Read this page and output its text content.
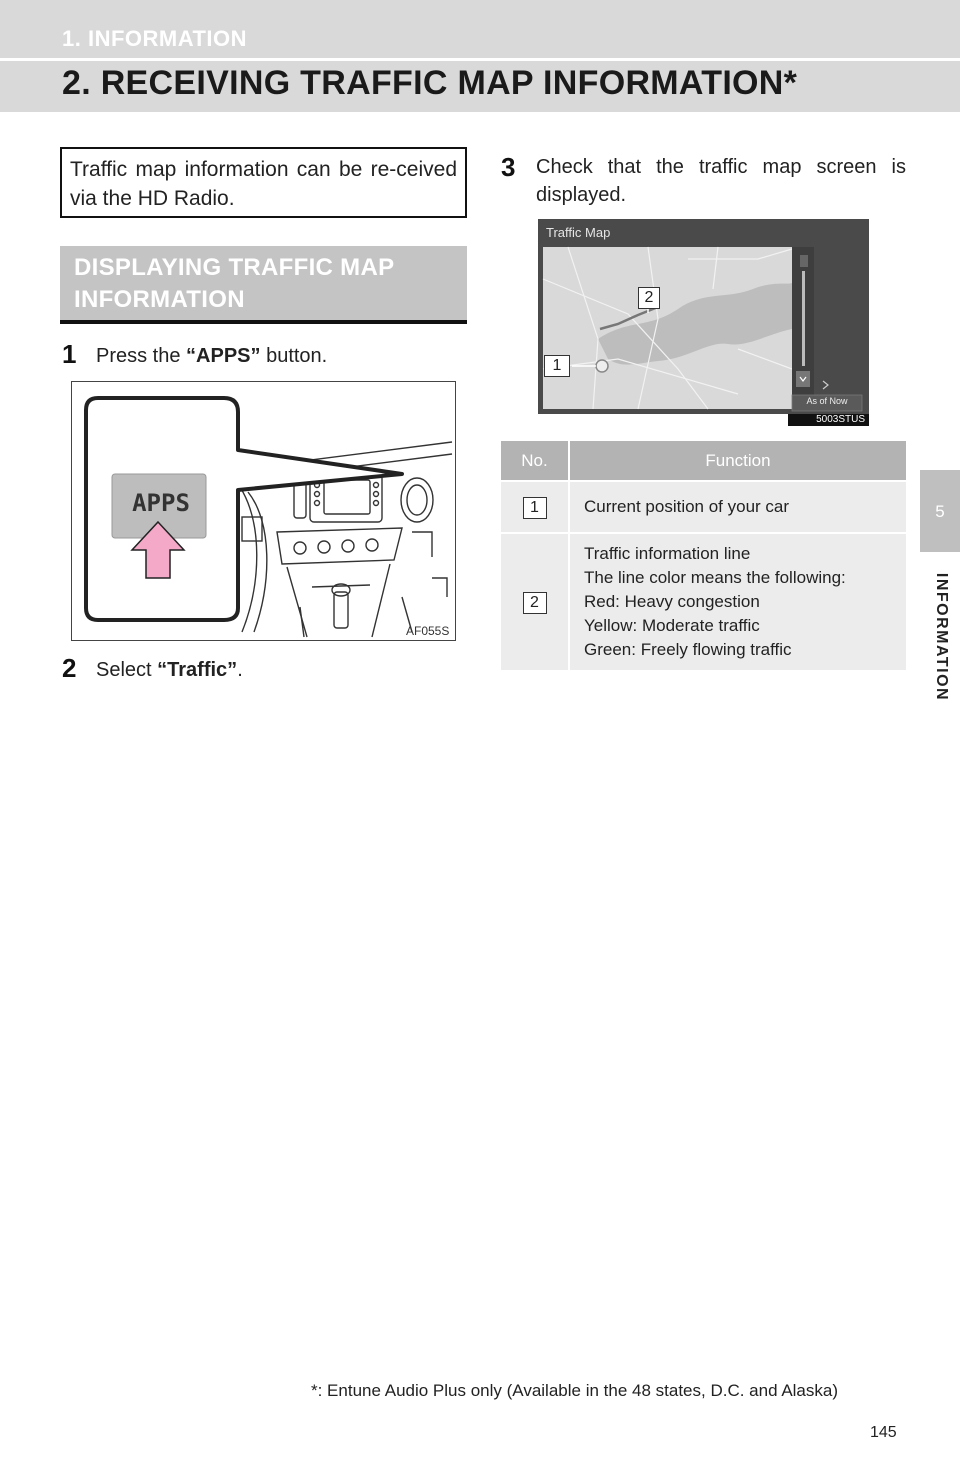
1. INFORMATION
2. RECEIVING TRAFFIC MAP INFORMATION*
5
INFORMATION
Traffic map information can be re-ceived via the HD Radio.
DISPLAYING TRAFFIC MAP INFORMATION
1 Press the “APPS” button.
APPS
AF055S
2 Select “Traffic”.
3 Check that the traffic map screen is displayed.
Traffic Map
As of Now
2
1
5003STUS
No.	Function
1	Current position of your car

2	Traffic information line
The line color means the following:
Red: Heavy congestion
Yellow: Moderate traffic
Green: Freely flowing traffic
*: Entune Audio Plus only (Available in the 48 states, D.C. and Alaska)
145
